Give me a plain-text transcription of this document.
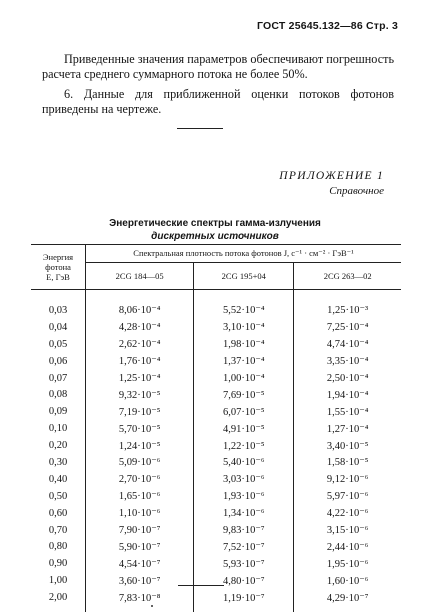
ГОСТ 25645.132—86 Стр. 3

Приведенные значения параметров обеспечивают погрешность расчета среднего суммарного потока не более 50%.

6. Данные для приближенной оценки потоков фотонов приведены на чертеже.

ПРИЛОЖЕНИЕ 1
Справочное
Энергетические спектры гамма-излучения
дискретных источников
Энергия
фотона
E, ГэВ	Спектральная плотность потока фотонов J, с⁻¹ · см⁻² · ГэВ⁻¹		
	2CG 184—05	2CG 195+04	2CG 263—02
0,03	8,06·10⁻⁴	5,52·10⁻⁴	1,25·10⁻³
0,04	4,28·10⁻⁴	3,10·10⁻⁴	7,25·10⁻⁴
0,05	2,62·10⁻⁴	1,98·10⁻⁴	4,74·10⁻⁴
0,06	1,76·10⁻⁴	1,37·10⁻⁴	3,35·10⁻⁴
0,07	1,25·10⁻⁴	1,00·10⁻⁴	2,50·10⁻⁴
0,08	9,32·10⁻⁵	7,69·10⁻⁵	1,94·10⁻⁴
0,09	7,19·10⁻⁵	6,07·10⁻⁵	1,55·10⁻⁴
0,10	5,70·10⁻⁵	4,91·10⁻⁵	1,27·10⁻⁴
0,20	1,24·10⁻⁵	1,22·10⁻⁵	3,40·10⁻⁵
0,30	5,09·10⁻⁶	5,40·10⁻⁶	1,58·10⁻⁵
0,40	2,70·10⁻⁶	3,03·10⁻⁶	9,12·10⁻⁶
0,50	1,65·10⁻⁶	1,93·10⁻⁶	5,97·10⁻⁶
0,60	1,10·10⁻⁶	1,34·10⁻⁶	4,22·10⁻⁶
0,70	7,90·10⁻⁷	9,83·10⁻⁷	3,15·10⁻⁶
0,80	5,90·10⁻⁷	7,52·10⁻⁷	2,44·10⁻⁶
0,90	4,54·10⁻⁷	5,93·10⁻⁷	1,95·10⁻⁶
1,00	3,60·10⁻⁷	4,80·10⁻⁷	1,60·10⁻⁶
2,00	7,83·10⁻⁸	1,19·10⁻⁷	4,29·10⁻⁷
